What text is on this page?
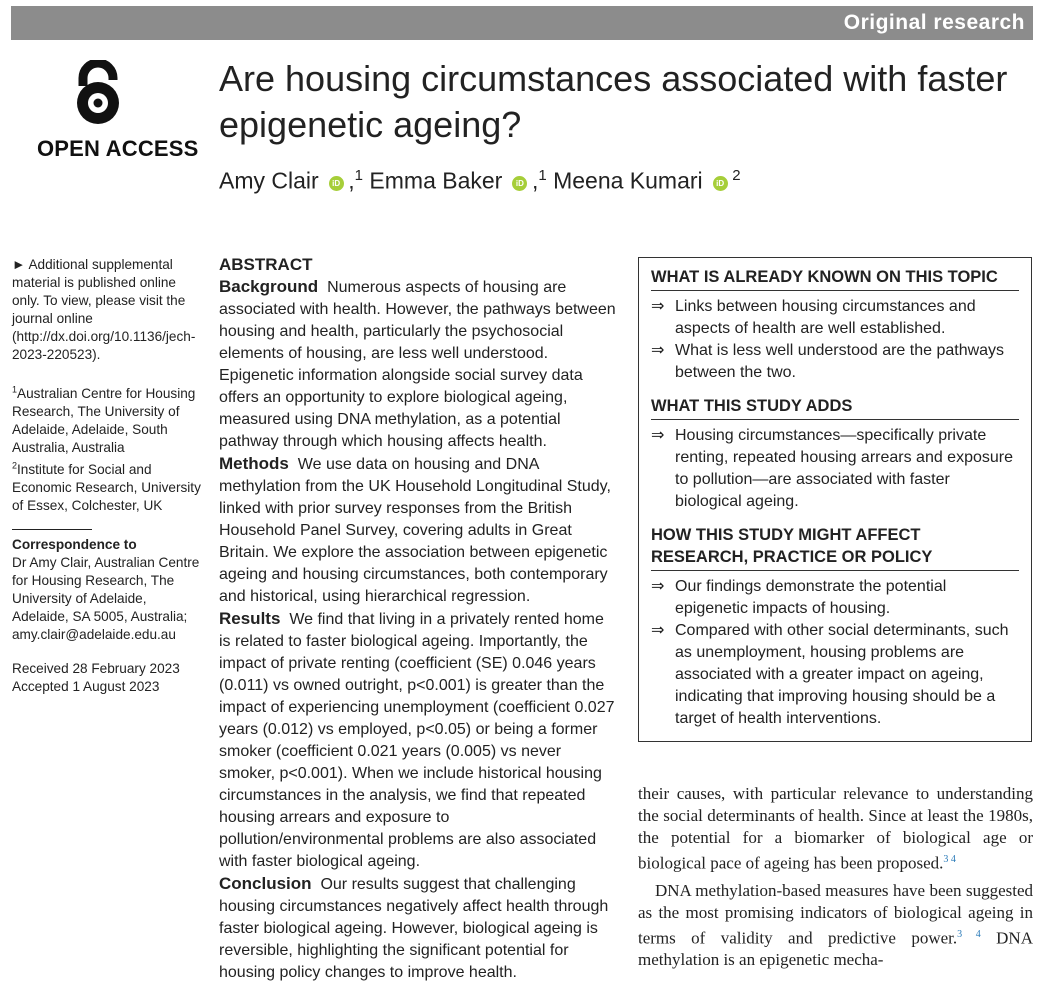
Original research
OPEN ACCESS
Are housing circumstances associated with faster epigenetic ageing?
Amy Clair iD ,$^1$ Emma Baker iD ,$^1$ Meena Kumari iD  $^2$

► Additional supplemental material is published online only. To view, please visit the journal online (http://dx.doi.org/10.1136/jech-2023-220523).

$^1$Australian Centre for Housing Research, The University of Adelaide, Adelaide, South Australia, Australia
$^2$Institute for Social and Economic Research, University of Essex, Colchester, UK

Correspondence to
Dr Amy Clair, Australian Centre for Housing Research, The University of Adelaide, Adelaide, SA 5005, Australia; amy.clair@adelaide.edu.au

Received 28 February 2023
Accepted 1 August 2023

ABSTRACT

Background Numerous aspects of housing are associated with health. However, the pathways between housing and health, particularly the psychosocial elements of housing, are less well understood. Epigenetic information alongside social survey data offers an opportunity to explore biological ageing, measured using DNA methylation, as a potential pathway through which housing affects health.

Methods We use data on housing and DNA methylation from the UK Household Longitudinal Study, linked with prior survey responses from the British Household Panel Survey, covering adults in Great Britain. We explore the association between epigenetic ageing and housing circumstances, both contemporary and historical, using hierarchical regression.

Results We find that living in a privately rented home is related to faster biological ageing. Importantly, the impact of private renting (coefficient (SE) 0.046 years (0.011) vs owned outright, p<0.001) is greater than the impact of experiencing unemployment (coefficient 0.027 years (0.012) vs employed, p<0.05) or being a former smoker (coefficient 0.021 years (0.005) vs never smoker, p<0.001). When we include historical housing circumstances in the analysis, we find that repeated housing arrears and exposure to pollution/environmental problems are also associated with faster biological ageing.

Conclusion Our results suggest that challenging housing circumstances negatively affect health through faster biological ageing. However, biological ageing is reversible, highlighting the significant potential for housing policy changes to improve health.

WHAT IS ALREADY KNOWN ON THIS TOPIC
⇒ Links between housing circumstances and aspects of health are well established.
⇒ What is less well understood are the pathways between the two.
WHAT THIS STUDY ADDS
⇒ Housing circumstances—specifically private renting, repeated housing arrears and exposure to pollution—are associated with faster biological ageing.
HOW THIS STUDY MIGHT AFFECT RESEARCH, PRACTICE OR POLICY
⇒ Our findings demonstrate the potential epigenetic impacts of housing.
⇒ Compared with other social determinants, such as unemployment, housing problems are associated with a greater impact on ageing, indicating that improving housing should be a target of health interventions.

their causes, with particular relevance to understanding the social determinants of health. Since at least the 1980s, the potential for a biomarker of biological age or biological pace of ageing has been proposed.$^{3 4}$

DNA methylation-based measures have been suggested as the most promising indicators of biological ageing in terms of validity and predictive power.$^{3 4}$ DNA methylation is an epigenetic mecha-
